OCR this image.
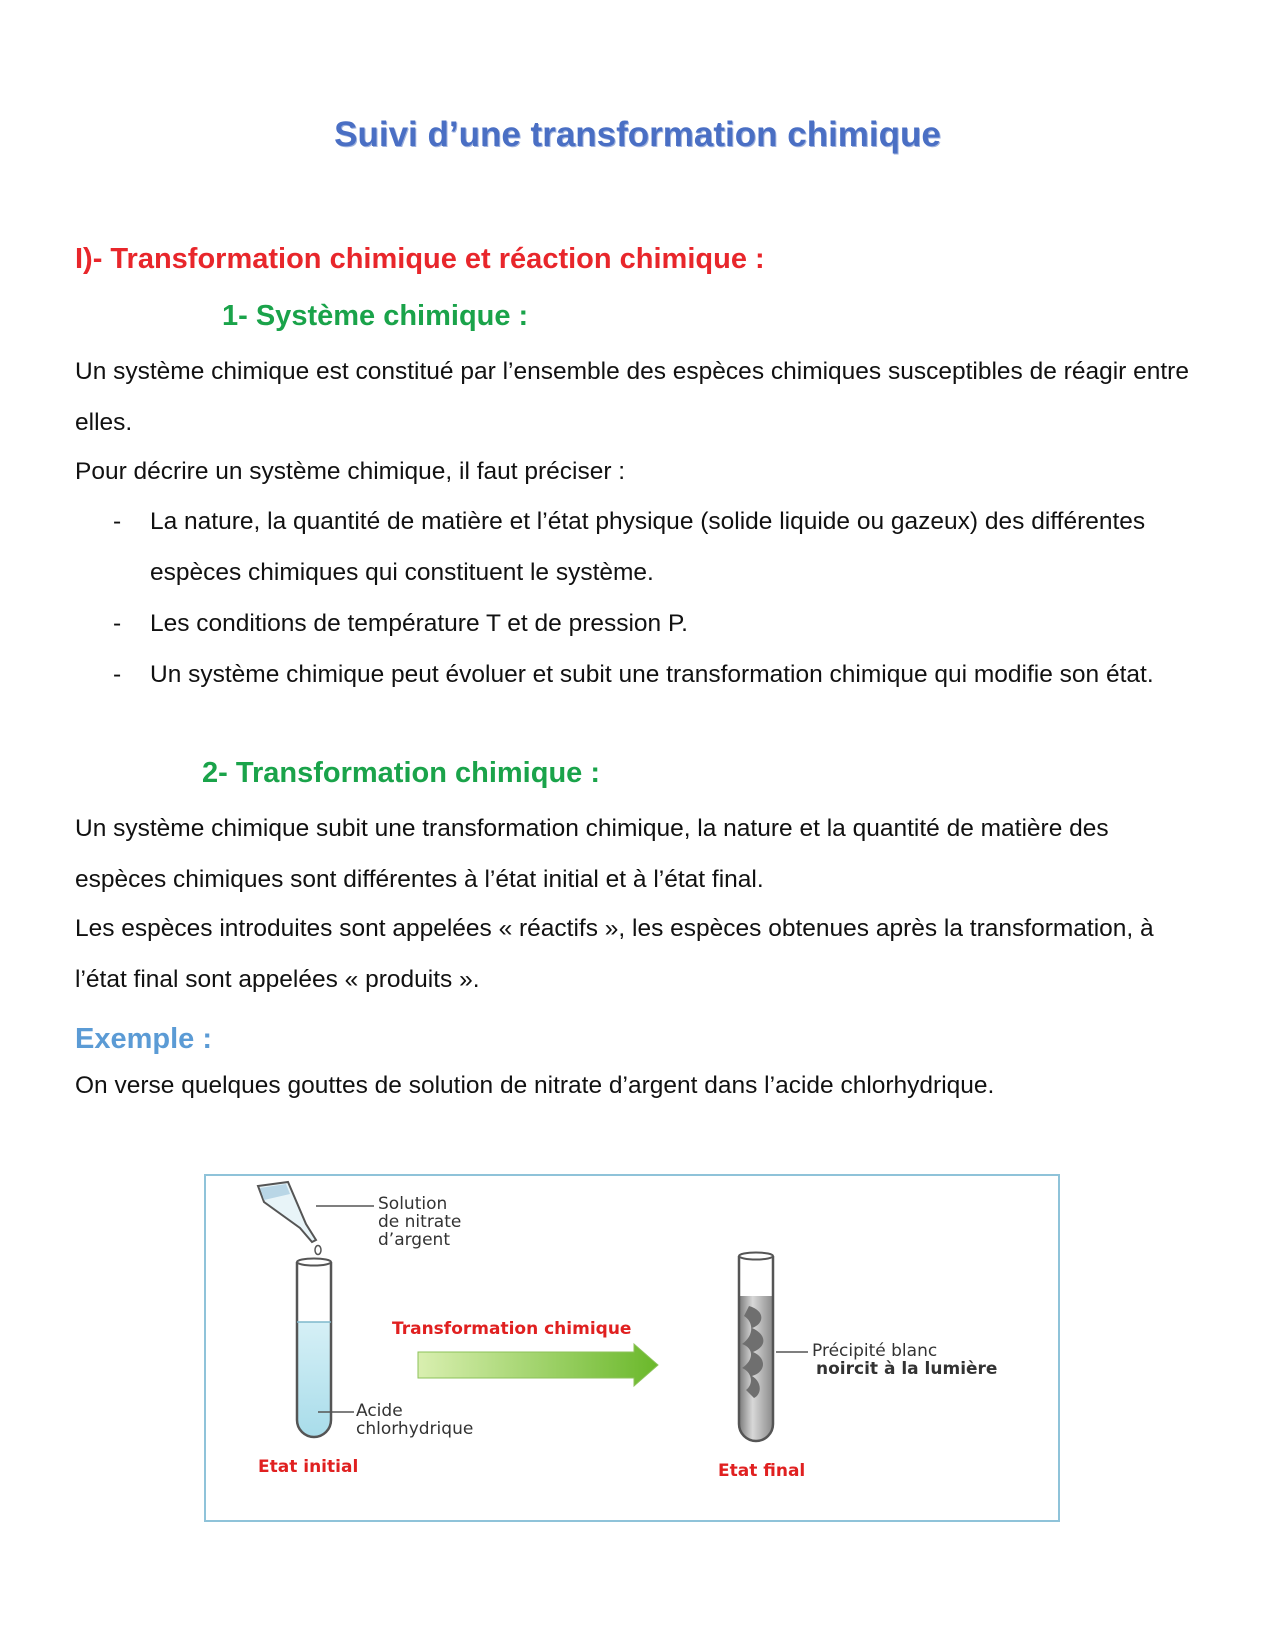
Suivi d’une transformation chimique
I)- Transformation chimique et réaction chimique :
1- Système chimique :

Un système chimique est constitué par l’ensemble des espèces chimiques susceptibles de réagir entre elles.

Pour décrire un système chimique, il faut préciser :

- La nature, la quantité de matière et l’état physique (solide liquide ou gazeux) des différentes espèces chimiques qui constituent le système.
- Les conditions de température T et de pression P.
- Un système chimique peut évoluer et subit une transformation chimique qui modifie son état.
2- Transformation chimique :

Un système chimique subit une transformation chimique, la nature et la quantité de matière des espèces chimiques sont différentes à l’état initial et à l’état final.

Les espèces introduites sont appelées « réactifs », les espèces obtenues après la transformation, à l’état final sont appelées « produits ».

Exemple :

On verse quelques gouttes de solution de nitrate d’argent dans l’acide chlorhydrique.

Solution
de nitrate
d’argent
Acide
chlorhydrique
Etat initial
Transformation chimique
Précipité blanc
noircit à la lumière
Etat final
